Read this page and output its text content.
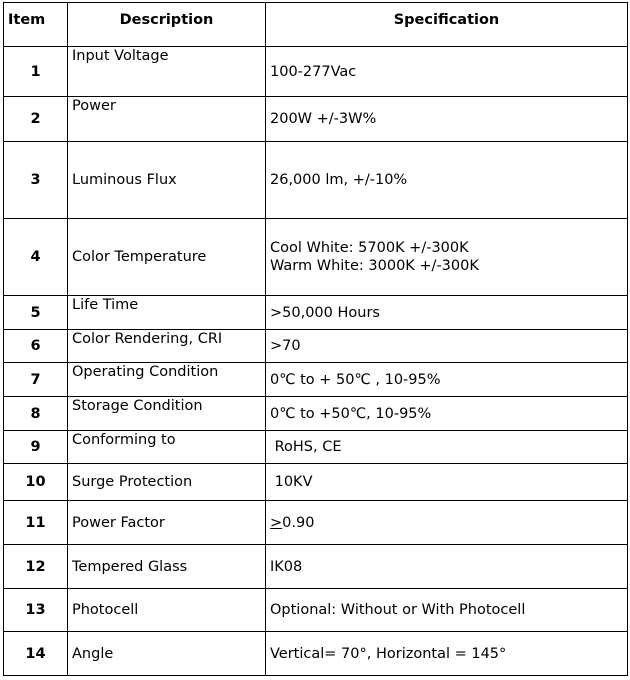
Item	Description	Specification
1	Input Voltage	100-277Vac
2	Power	200W +/-3W%
3	Luminous Flux	26,000 lm, +/-10%
4	Color Temperature	Cool White: 5700K +/-300K
Warm White: 3000K +/-300K

5	Life Time	>50,000 Hours
6	Color Rendering, CRI	>70
7	Operating Condition	0℃ to + 50℃ , 10-95%
8	Storage Condition	0℃ to +50℃, 10-95%
9	Conforming to	RoHS, CE
10	Surge Protection	10KV
11	Power Factor	≥0.90
12	Tempered Glass	IK08
13	Photocell	Optional: Without or With Photocell
14	Angle	Vertical= 70°, Horizontal = 145°
